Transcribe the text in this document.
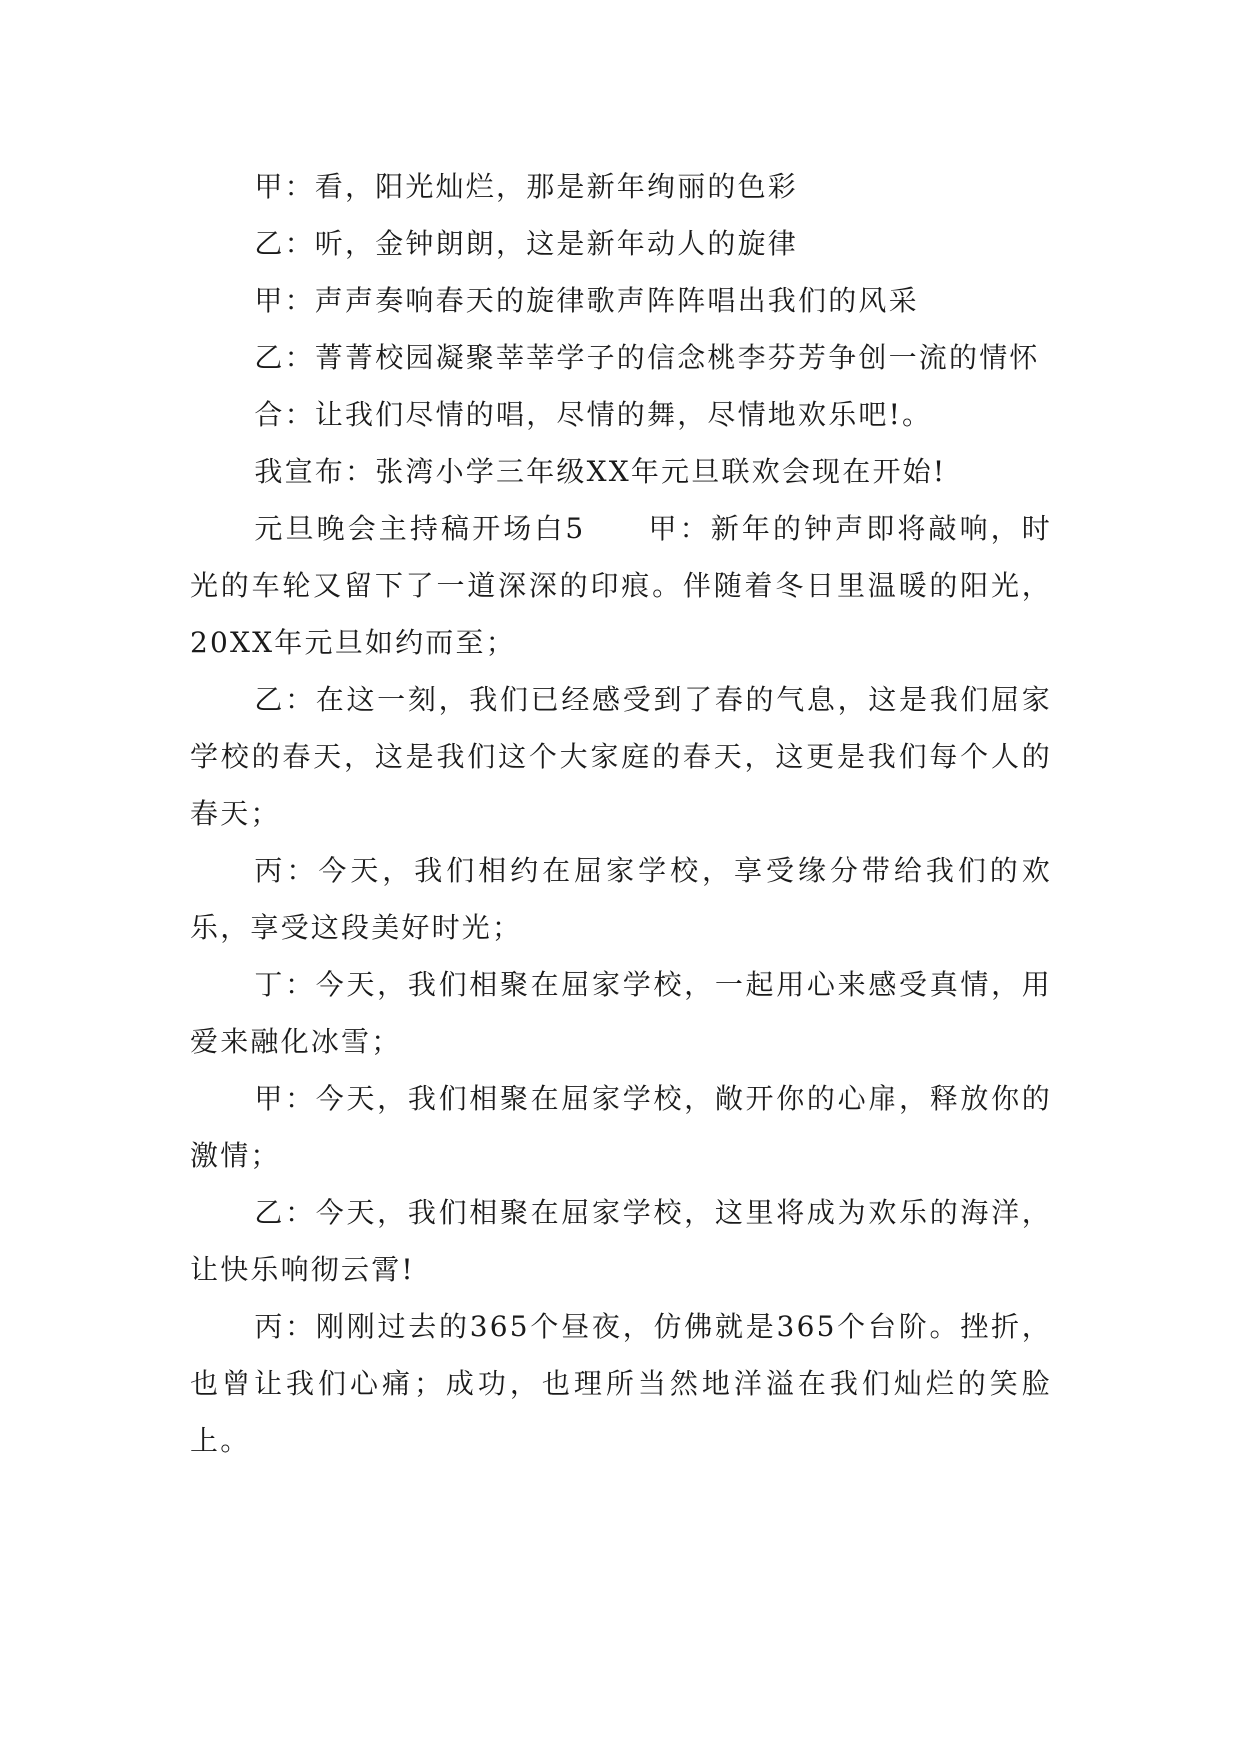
甲：看，阳光灿烂，那是新年绚丽的色彩

乙：听，金钟朗朗，这是新年动人的旋律

甲：声声奏响春天的旋律歌声阵阵唱出我们的风采

乙：菁菁校园凝聚莘莘学子的信念桃李芬芳争创一流的情怀

合：让我们尽情的唱，尽情的舞，尽情地欢乐吧!。

我宣布：张湾小学三年级XX年元旦联欢会现在开始!

元旦晚会主持稿开场白5　　甲：新年的钟声即将敲响，时光的车轮又留下了一道深深的印痕。伴随着冬日里温暖的阳光，20XX年元旦如约而至；

乙：在这一刻，我们已经感受到了春的气息，这是我们屈家学校的春天，这是我们这个大家庭的春天，这更是我们每个人的春天；

丙：今天，我们相约在屈家学校，享受缘分带给我们的欢乐，享受这段美好时光；

丁：今天，我们相聚在屈家学校，一起用心来感受真情，用爱来融化冰雪；

甲：今天，我们相聚在屈家学校，敞开你的心扉，释放你的激情；

乙：今天，我们相聚在屈家学校，这里将成为欢乐的海洋，让快乐响彻云霄!

丙：刚刚过去的365个昼夜，仿佛就是365个台阶。挫折，也曾让我们心痛；成功，也理所当然地洋溢在我们灿烂的笑脸上。
